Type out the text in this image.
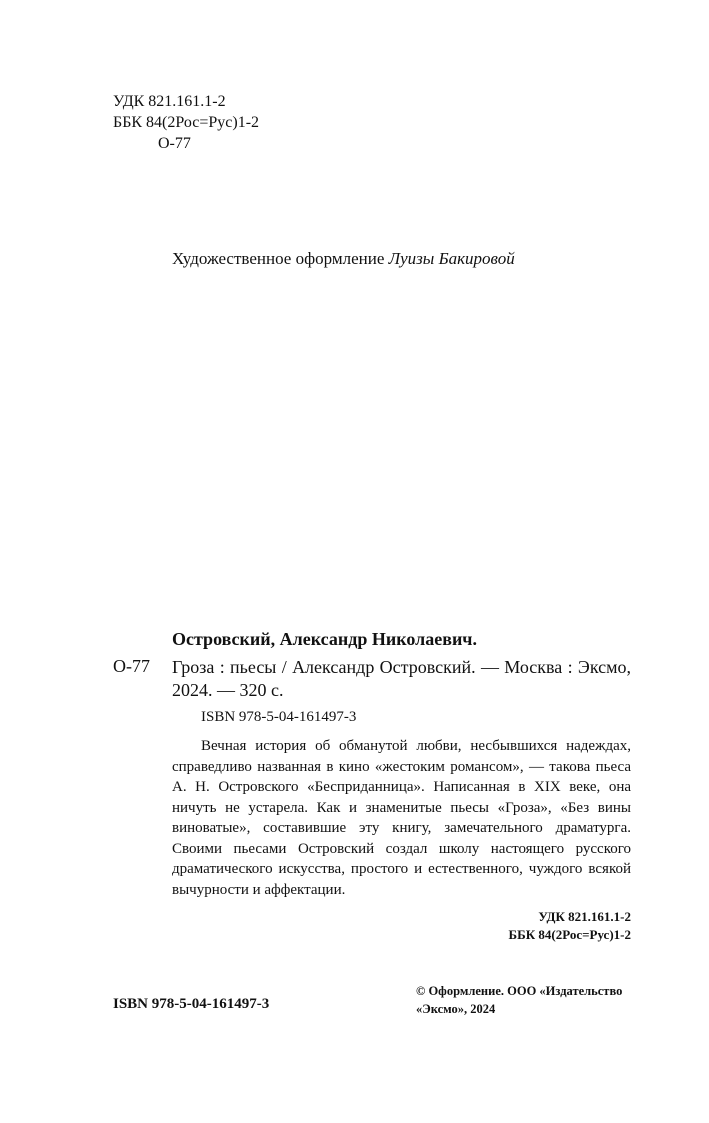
УДК 821.161.1-2
ББК 84(2Рос=Рус)1-2
О-77
Художественное оформление Луизы Бакировой
Островский, Александр Николаевич.
О-77 Гроза : пьесы / Александр Островский. — Москва : Эксмо, 2024. — 320 с.
ISBN 978-5-04-161497-3
Вечная история об обманутой любви, несбывшихся надеждах, справедливо названная в кино «жестоким романсом», — такова пьеса А. Н. Островского «Бесприданница». Написанная в XIX веке, она ничуть не устарела. Как и знаменитые пьесы «Гроза», «Без вины виноватые», составившие эту книгу, замечательного драматурга. Своими пьесами Островский создал школу настоящего русского драматического искусства, простого и естественного, чуждого всякой вычурности и аффектации.
УДК 821.161.1-2
ББК 84(2Рос=Рус)1-2
ISBN 978-5-04-161497-3
© Оформление. ООО «Издательство «Эксмо», 2024
